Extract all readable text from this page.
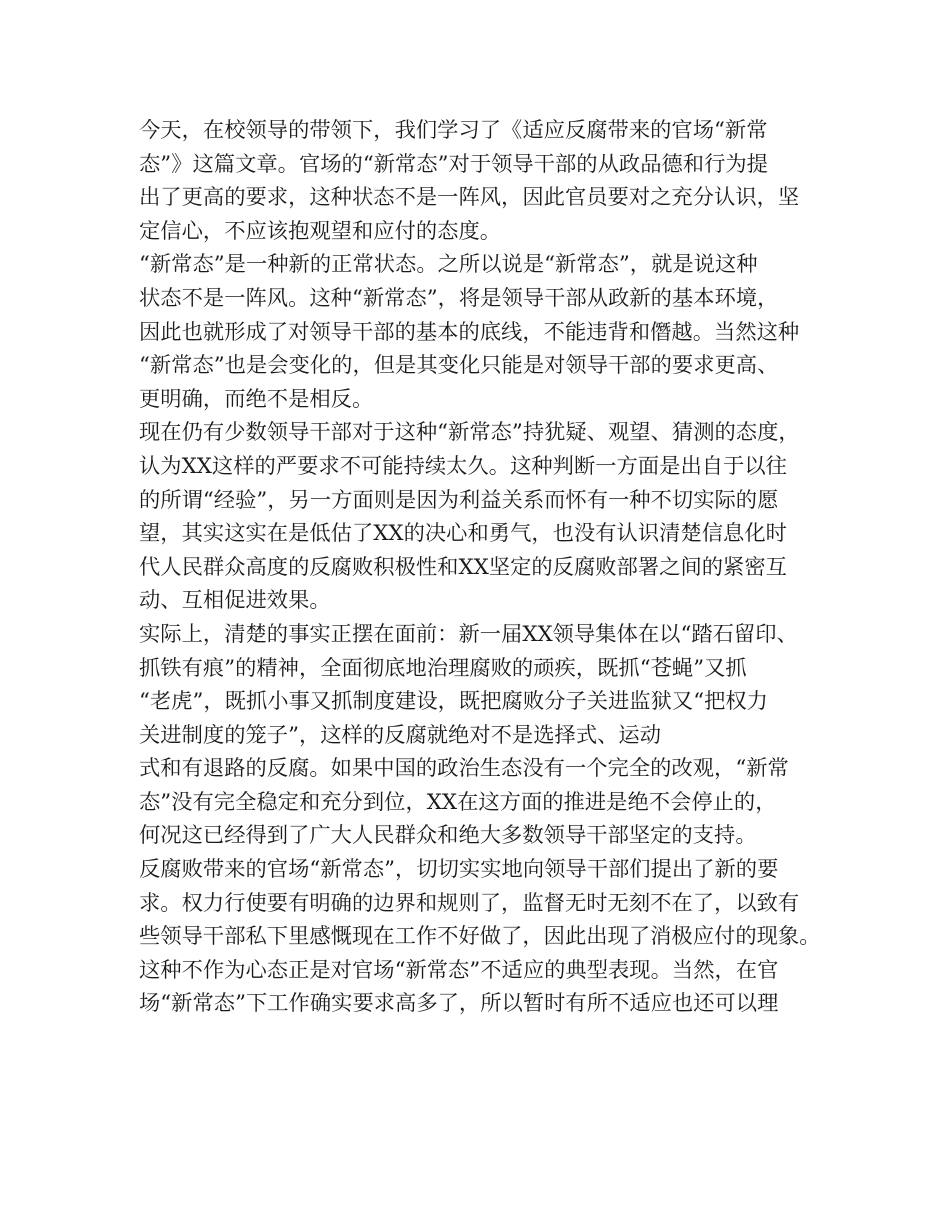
今天，在校领导的带领下，我们学习了《适应反腐带来的官场“新常
态”》这篇文章。官场的“新常态”对于领导干部的从政品德和行为提
出了更高的要求，这种状态不是一阵风，因此官员要对之充分认识，坚
定信心，不应该抱观望和应付的态度。
“新常态”是一种新的正常状态。之所以说是“新常态”，就是说这种
状态不是一阵风。这种“新常态”，将是领导干部从政新的基本环境，
因此也就形成了对领导干部的基本的底线，不能违背和僭越。当然这种
“新常态”也是会变化的，但是其变化只能是对领导干部的要求更高、
更明确，而绝不是相反。
现在仍有少数领导干部对于这种“新常态”持犹疑、观望、猜测的态度，
认为XX这样的严要求不可能持续太久。这种判断一方面是出自于以往
的所谓“经验”，另一方面则是因为利益关系而怀有一种不切实际的愿
望，其实这实在是低估了XX的决心和勇气，也没有认识清楚信息化时
代人民群众高度的反腐败积极性和XX坚定的反腐败部署之间的紧密互
动、互相促进效果。
实际上，清楚的事实正摆在面前：新一届XX领导集体在以“踏石留印、
抓铁有痕”的精神，全面彻底地治理腐败的顽疾，既抓“苍蝇”又抓
“老虎”，既抓小事又抓制度建设，既把腐败分子关进监狱又“把权力
关进制度的笼子”，这样的反腐就绝对不是选择式、运动
式和有退路的反腐。如果中国的政治生态没有一个完全的改观，“新常
态”没有完全稳定和充分到位，XX在这方面的推进是绝不会停止的，
何况这已经得到了广大人民群众和绝大多数领导干部坚定的支持。
反腐败带来的官场“新常态”，切切实实地向领导干部们提出了新的要
求。权力行使要有明确的边界和规则了，监督无时无刻不在了，以致有
些领导干部私下里感慨现在工作不好做了，因此出现了消极应付的现象。
这种不作为心态正是对官场“新常态”不适应的典型表现。当然，在官
场“新常态”下工作确实要求高多了，所以暂时有所不适应也还可以理
